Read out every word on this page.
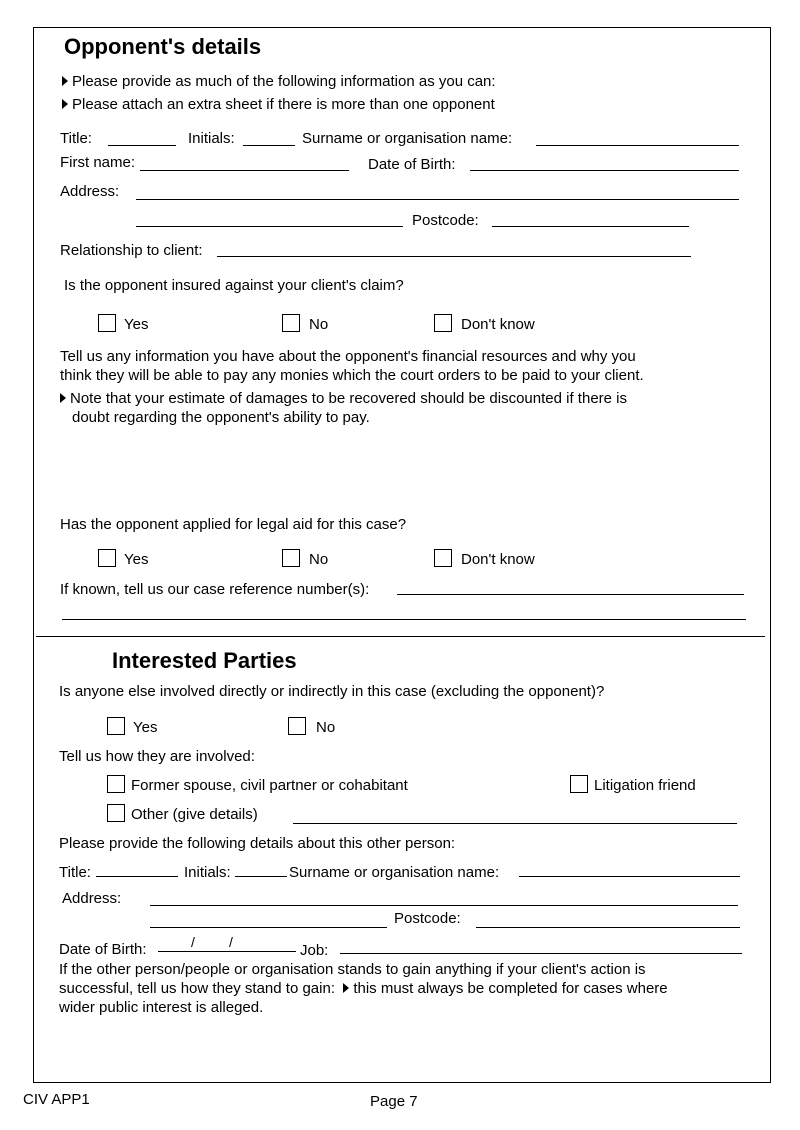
Opponent's details
Please provide as much of the following information as you can:
Please attach an extra sheet if there is more than one opponent
Title:	Initials:	Surname or organisation name:
First name:	Date of Birth:
Address:
Postcode:
Relationship to client:
Is the opponent insured against your client's claim?
Yes	No	Don't know
Tell us any information you have about the opponent's financial resources and why you
think they will be able to pay any monies which the court orders to be paid to your client.
Note that your estimate of damages to be recovered should be discounted if there is
doubt regarding the opponent's ability to pay.
Has the opponent applied for legal aid for this case?
Yes	No	Don't know
If known, tell us our case reference number(s):
Interested Parties
Is anyone else involved directly or indirectly in this case (excluding the opponent)?
Yes	No
Tell us how they are involved:
Former spouse, civil partner or cohabitant	Litigation friend
Other (give details)
Please provide the following details about this other person:
Title:	Initials:	Surname or organisation name:
Address:
Postcode:
Date of Birth:	/ /	Job:
If the other person/people or organisation stands to gain anything if your client's action is
successful, tell us how they stand to gain: this must always be completed for cases where
wider public interest is alleged.
CIV APP1	Page 7
